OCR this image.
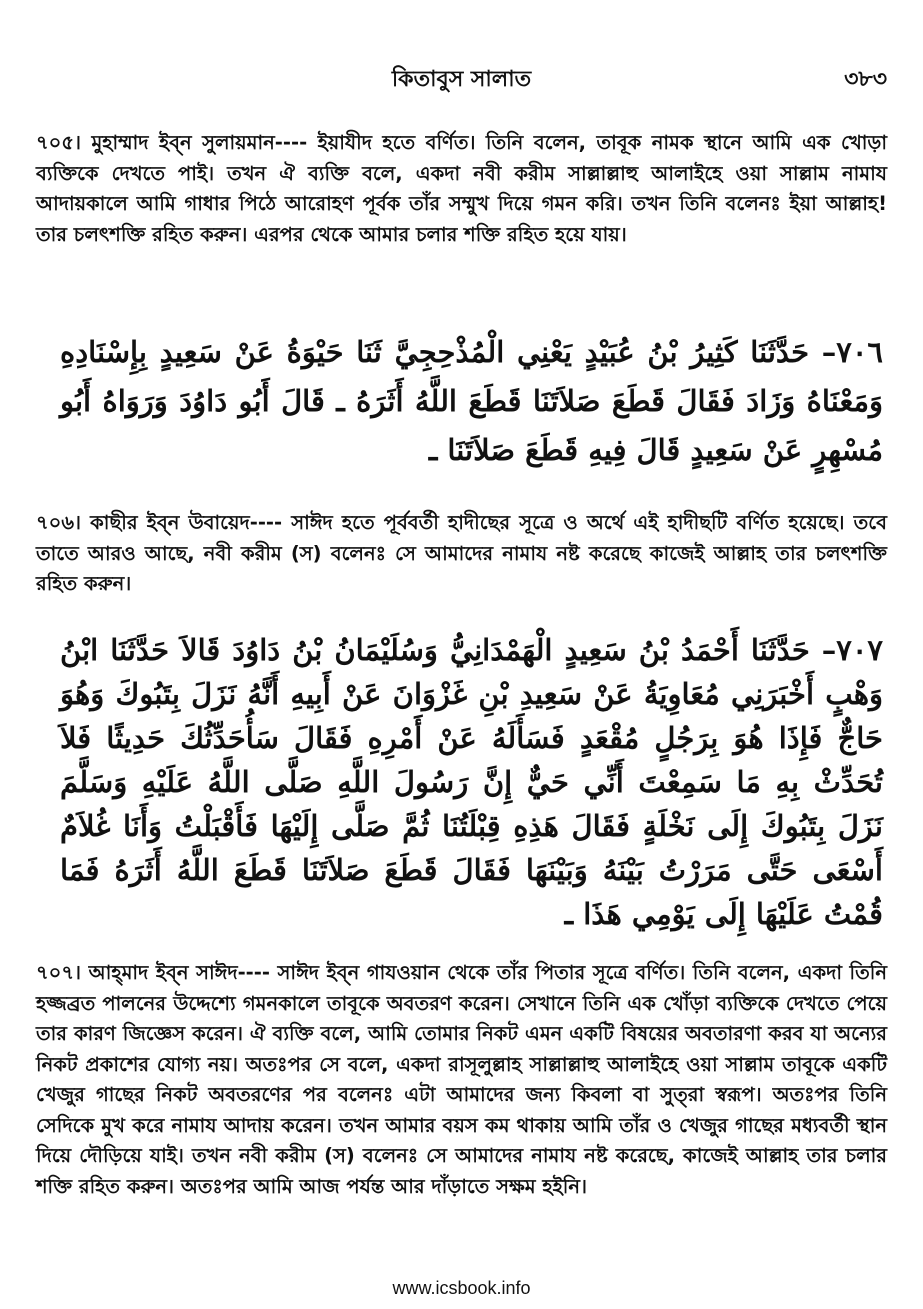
কিতাবুস সালাত	৩৮৩

৭০৫। মুহাম্মাদ ইব্‌ন সুলায়মান---- ইয়াযীদ হতে বর্ণিত। তিনি বলেন, তাবূক নামক স্থানে আমি এক খোড়া ব্যক্তিকে দেখতে পাই। তখন ঐ ব্যক্তি বলে, একদা নবী করীম সাল্লাল্লাহু আলাইহে ওয়া সাল্লাম নামায আদায়কালে আমি গাধার পিঠে আরোহণ পূর্বক তাঁর সম্মুখ দিয়ে গমন করি। তখন তিনি বলেনঃ ইয়া আল্লাহ! তার চলৎশক্তি রহিত করুন। এরপর থেকে আমার চলার শক্তি রহিত হয়ে যায়।

٧٠٦– حَدَّثَنَا كَثِيرُ بْنُ عُبَيْدٍ يَعْنِي الْمُذْحِجِيَّ ثَنَا حَيْوَةُ عَنْ سَعِيدٍ بِإِسْنَادِهِ وَمَعْنَاهُ وَزَادَ فَقَالَ قَطَعَ صَلاَتَنَا قَطَعَ اللَّهُ أَثَرَهُ ـ قَالَ أَبُو دَاوُدَ وَرَوَاهُ أَبُو مُسْهِرٍ عَنْ سَعِيدٍ قَالَ فِيهِ قَطَعَ صَلاَتَنَا ـ

৭০৬। কাছীর ইব্‌ন উবায়েদ---- সাঈদ হতে পূর্ববর্তী হাদীছের সূত্রে ও অর্থে এই হাদীছটি বর্ণিত হয়েছে। তবে তাতে আরও আছে, নবী করীম (স) বলেনঃ সে আমাদের নামায নষ্ট করেছে কাজেই আল্লাহ তার চলৎশক্তি রহিত করুন।

٧٠٧– حَدَّثَنَا أَحْمَدُ بْنُ سَعِيدٍ الْهَمْدَانِيُّ وَسُلَيْمَانُ بْنُ دَاوُدَ قَالاَ حَدَّثَنَا ابْنُ وَهْبٍ أَخْبَرَنِي مُعَاوِيَةُ عَنْ سَعِيدِ بْنِ غَزْوَانَ عَنْ أَبِيهِ أَنَّهُ نَزَلَ بِتَبُوكَ وَهُوَ حَاجٌّ فَإِذَا هُوَ بِرَجُلٍ مُقْعَدٍ فَسَأَلَهُ عَنْ أَمْرِهِ فَقَالَ سَأُحَدِّثُكَ حَدِيثًا فَلاَ تُحَدِّثْ بِهِ مَا سَمِعْتَ أَنِّي حَيٌّ إِنَّ رَسُولَ اللَّهِ صَلَّى اللَّهُ عَلَيْهِ وَسَلَّمَ نَزَلَ بِتَبُوكَ إِلَى نَخْلَةٍ فَقَالَ هَذِهِ قِبْلَتُنَا ثُمَّ صَلَّى إِلَيْهَا فَأَقْبَلْتُ وَأَنَا غُلاَمٌ أَسْعَى حَتَّى مَرَرْتُ بَيْنَهُ وَبَيْنَهَا فَقَالَ قَطَعَ صَلاَتَنَا قَطَعَ اللَّهُ أَثَرَهُ فَمَا قُمْتُ عَلَيْهَا إِلَى يَوْمِي هَذَا ـ

৭০৭। আহ্‌মাদ ইব্‌ন সাঈদ---- সাঈদ ইব্‌ন গাযওয়ান থেকে তাঁর পিতার সূত্রে বর্ণিত। তিনি বলেন, একদা তিনি হজ্জব্রত পালনের উদ্দেশ্যে গমনকালে তাবূকে অবতরণ করেন। সেখানে তিনি এক খোঁড়া ব্যক্তিকে দেখতে পেয়ে তার কারণ জিজ্ঞেস করেন। ঐ ব্যক্তি বলে, আমি তোমার নিকট এমন একটি বিষয়ের অবতারণা করব যা অন্যের নিকট প্রকাশের যোগ্য নয়। অতঃপর সে বলে, একদা রাসূলুল্লাহ সাল্লাল্লাহু আলাইহে ওয়া সাল্লাম তাবূকে একটি খেজুর গাছের নিকট অবতরণের পর বলেনঃ এটা আমাদের জন্য কিবলা বা সুত্‌রা স্বরূপ। অতঃপর তিনি সেদিকে মুখ করে নামায আদায় করেন। তখন আমার বয়স কম থাকায় আমি তাঁর ও খেজুর গাছের মধ্যবর্তী স্থান দিয়ে দৌড়িয়ে যাই। তখন নবী করীম (স) বলেনঃ সে আমাদের নামায নষ্ট করেছে, কাজেই আল্লাহ তার চলার শক্তি রহিত করুন। অতঃপর আমি আজ পর্যন্ত আর দাঁড়াতে সক্ষম হইনি।

www.icsbook.info
